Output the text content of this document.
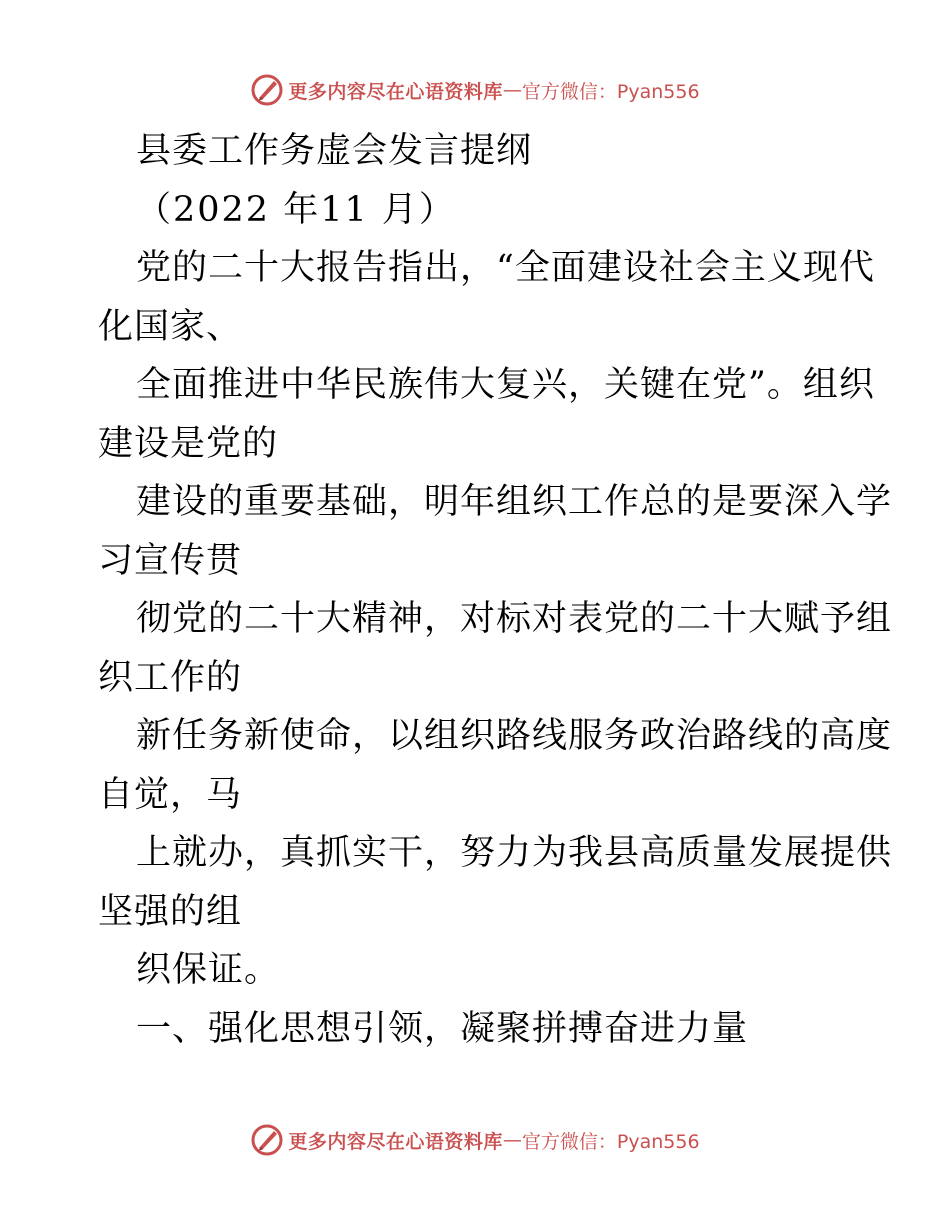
更多内容尽在心语资料库 — 官方微信：Pyan556
县委工作务虚会发言提纲
（2022 年11 月）
党的二十大报告指出，“全面建设社会主义现代
化国家、
全面推进中华民族伟大复兴，关键在党”。组织
建设是党的
建设的重要基础，明年组织工作总的是要深入学
习宣传贯
彻党的二十大精神，对标对表党的二十大赋予组
织工作的
新任务新使命，以组织路线服务政治路线的高度
自觉，马
上就办，真抓实干，努力为我县高质量发展提供
坚强的组
织保证。
一、强化思想引领，凝聚拼搏奋进力量
更多内容尽在心语资料库 — 官方微信：Pyan556
